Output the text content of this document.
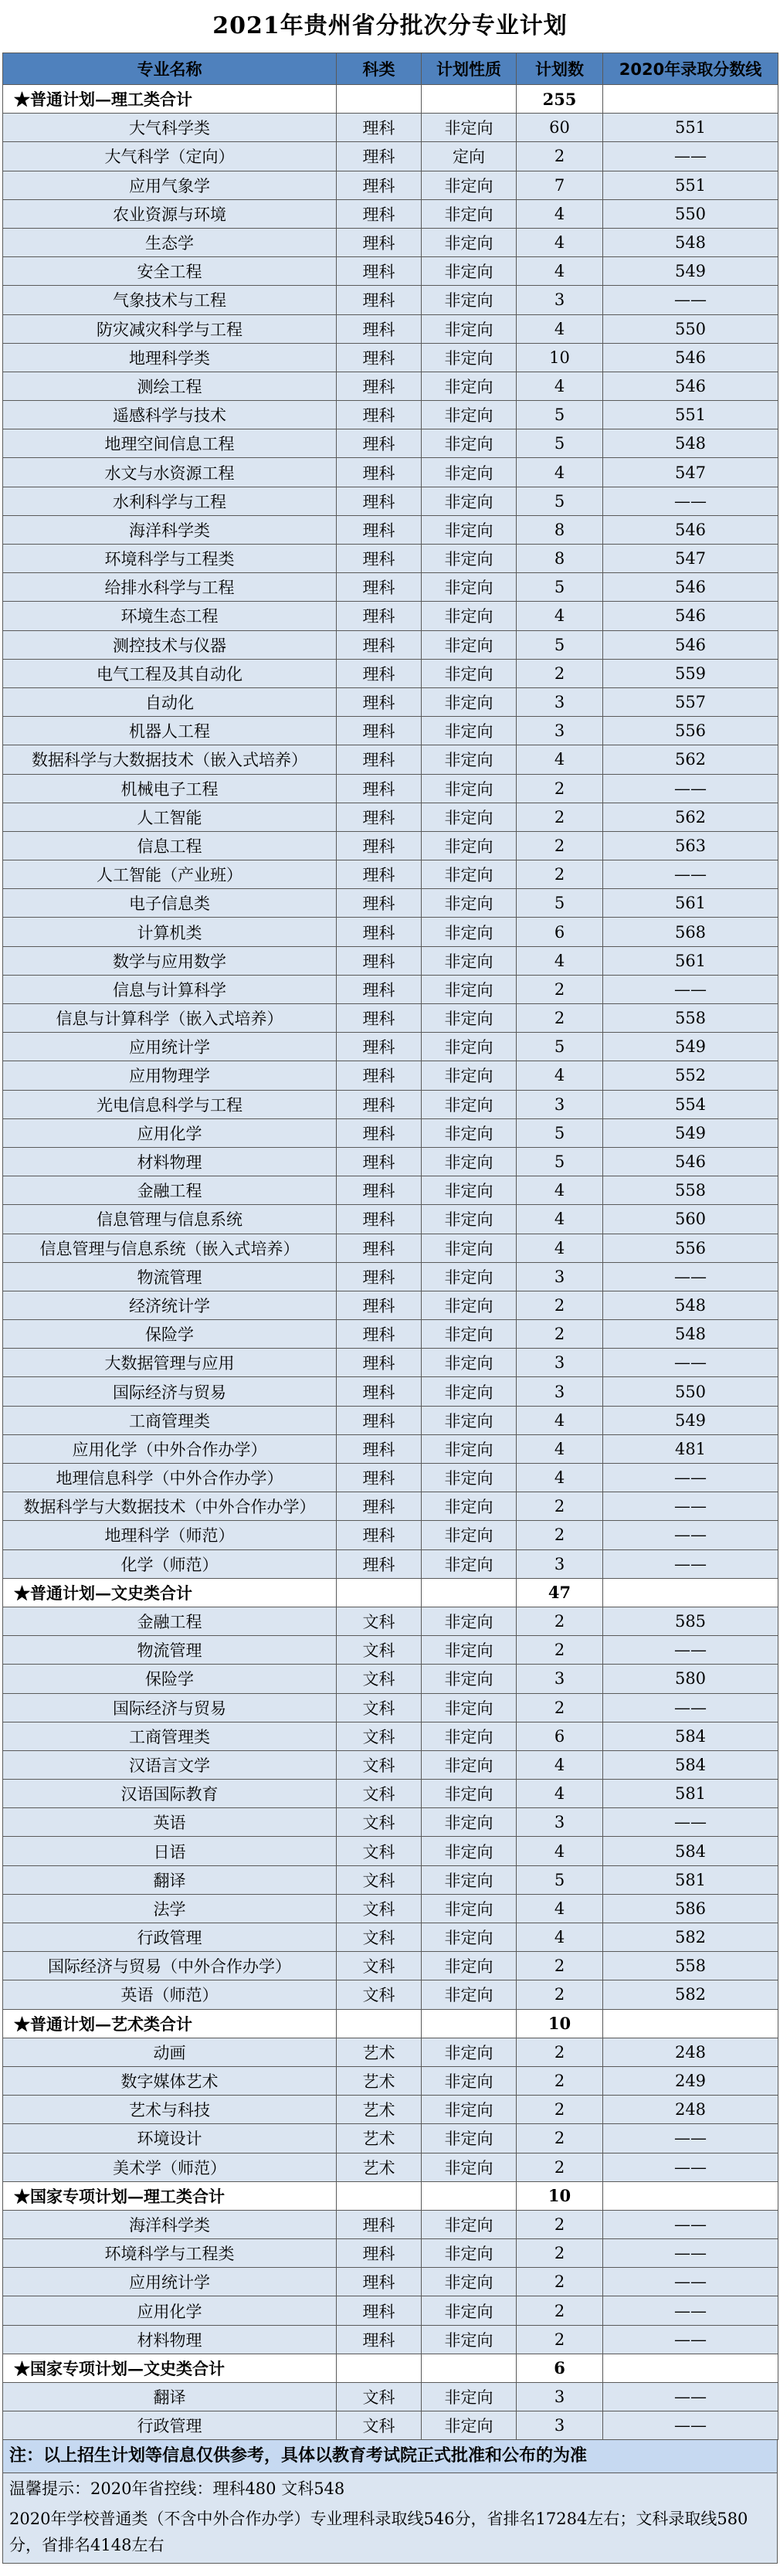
2021年贵州省分批次分专业计划
专业名称	科类	计划性质	计划数	2020年录取分数线
★普通计划—理工类合计			255	
大气科学类	理科	非定向	60	551
大气科学（定向）	理科	定向	2	——
应用气象学	理科	非定向	7	551
农业资源与环境	理科	非定向	4	550
生态学	理科	非定向	4	548
安全工程	理科	非定向	4	549
气象技术与工程	理科	非定向	3	——
防灾减灾科学与工程	理科	非定向	4	550
地理科学类	理科	非定向	10	546
测绘工程	理科	非定向	4	546
遥感科学与技术	理科	非定向	5	551
地理空间信息工程	理科	非定向	5	548
水文与水资源工程	理科	非定向	4	547
水利科学与工程	理科	非定向	5	——
海洋科学类	理科	非定向	8	546
环境科学与工程类	理科	非定向	8	547
给排水科学与工程	理科	非定向	5	546
环境生态工程	理科	非定向	4	546
测控技术与仪器	理科	非定向	5	546
电气工程及其自动化	理科	非定向	2	559
自动化	理科	非定向	3	557
机器人工程	理科	非定向	3	556
数据科学与大数据技术（嵌入式培养）	理科	非定向	4	562
机械电子工程	理科	非定向	2	——
人工智能	理科	非定向	2	562
信息工程	理科	非定向	2	563
人工智能（产业班）	理科	非定向	2	——
电子信息类	理科	非定向	5	561
计算机类	理科	非定向	6	568
数学与应用数学	理科	非定向	4	561
信息与计算科学	理科	非定向	2	——
信息与计算科学（嵌入式培养）	理科	非定向	2	558
应用统计学	理科	非定向	5	549
应用物理学	理科	非定向	4	552
光电信息科学与工程	理科	非定向	3	554
应用化学	理科	非定向	5	549
材料物理	理科	非定向	5	546
金融工程	理科	非定向	4	558
信息管理与信息系统	理科	非定向	4	560
信息管理与信息系统（嵌入式培养）	理科	非定向	4	556
物流管理	理科	非定向	3	——
经济统计学	理科	非定向	2	548
保险学	理科	非定向	2	548
大数据管理与应用	理科	非定向	3	——
国际经济与贸易	理科	非定向	3	550
工商管理类	理科	非定向	4	549
应用化学（中外合作办学）	理科	非定向	4	481
地理信息科学（中外合作办学）	理科	非定向	4	——
数据科学与大数据技术（中外合作办学）	理科	非定向	2	——
地理科学（师范）	理科	非定向	2	——
化学（师范）	理科	非定向	3	——
★普通计划—文史类合计			47	
金融工程	文科	非定向	2	585
物流管理	文科	非定向	2	——
保险学	文科	非定向	3	580
国际经济与贸易	文科	非定向	2	——
工商管理类	文科	非定向	6	584
汉语言文学	文科	非定向	4	584
汉语国际教育	文科	非定向	4	581
英语	文科	非定向	3	——
日语	文科	非定向	4	584
翻译	文科	非定向	5	581
法学	文科	非定向	4	586
行政管理	文科	非定向	4	582
国际经济与贸易（中外合作办学）	文科	非定向	2	558
英语（师范）	文科	非定向	2	582
★普通计划—艺术类合计			10	
动画	艺术	非定向	2	248
数字媒体艺术	艺术	非定向	2	249
艺术与科技	艺术	非定向	2	248
环境设计	艺术	非定向	2	——
美术学（师范）	艺术	非定向	2	——
★国家专项计划—理工类合计			10	
海洋科学类	理科	非定向	2	——
环境科学与工程类	理科	非定向	2	——
应用统计学	理科	非定向	2	——
应用化学	理科	非定向	2	——
材料物理	理科	非定向	2	——
★国家专项计划—文史类合计			6	
翻译	文科	非定向	3	——
行政管理	文科	非定向	3	——
注：以上招生计划等信息仅供参考，具体以教育考试院正式批准和公布的为准
温馨提示：2020年省控线：理科480 文科548
2020年学校普通类（不含中外合作办学）专业理科录取线546分，省排名17284左右；文科录取线580分，省排名4148左右
